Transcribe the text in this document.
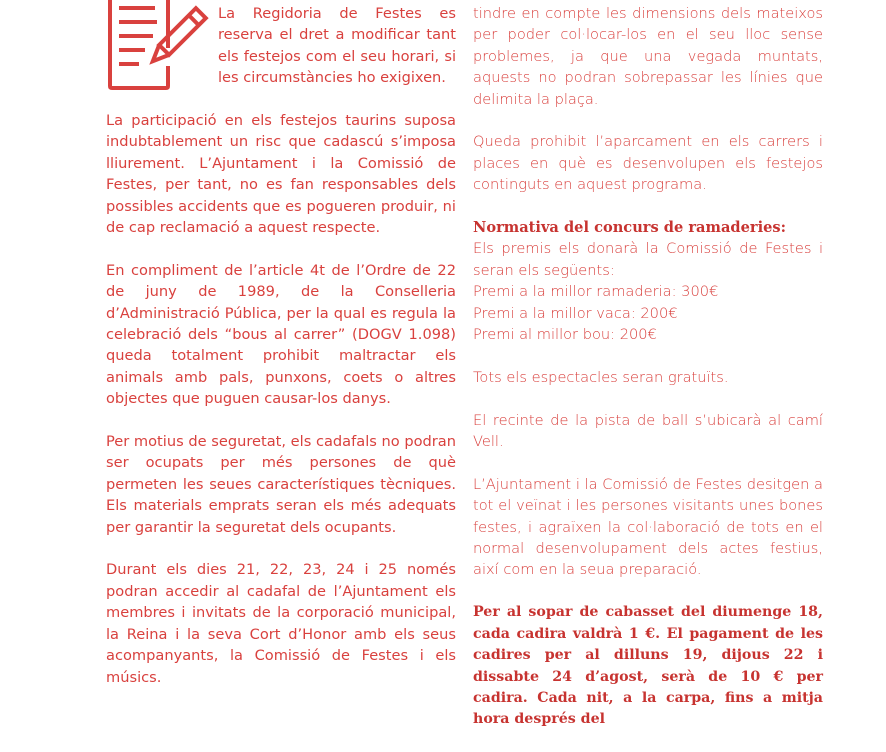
La Regidoria de Festes es reserva el dret a modificar tant els festejos com el seu horari, si les circumstàncies ho exigixen.

La participació en els festejos taurins suposa indubtablement un risc que cadascú s’imposa lliurement. L’Ajuntament i la Comissió de Festes, per tant, no es fan responsables dels possibles accidents que es pogueren produir, ni de cap reclamació a aquest respecte.

En compliment de l’article 4t de l’Ordre de 22 de juny de 1989, de la Conselleria d’Administració Pública, per la qual es regula la celebració dels “bous al carrer” (DOGV 1.098) queda totalment prohibit maltractar els animals amb pals, punxons, coets o altres objectes que puguen causar-los danys.

Per motius de seguretat, els cadafals no podran ser ocupats per més persones de què permeten les seues característiques tècniques. Els materials emprats seran els més adequats per garantir la seguretat dels ocupants.

Durant els dies 21, 22, 23, 24 i 25 només podran accedir al cadafal de l’Ajuntament els membres i invitats de la corporació municipal, la Reina i la seva Cort d’Honor amb els seus acompanyants, la Comissió de Festes i els músics.

tindre en compte les dimensions dels mateixos per poder col·locar-los en el seu lloc sense problemes, ja que una vegada muntats, aquests no podran sobrepassar les línies que delimita la plaça.

Queda prohibit l’aparcament en els carrers i places en què es desenvolupen els festejos continguts en aquest programa.

Normativa del concurs de ramaderies:
Els premis els donarà la Comissió de Festes i seran els següents:
Premi a la millor ramaderia: 300€
Premi a la millor vaca: 200€
Premi al millor bou: 200€

Tots els espectacles seran gratuïts.

El recinte de la pista de ball s’ubicarà al camí Vell.

L’Ajuntament i la Comissió de Festes desitgen a tot el veïnat i les persones visitants unes bones festes, i agraïxen la col·laboració de tots en el normal desenvolupament dels actes festius, així com en la seua preparació.

Per al sopar de cabasset del diumenge 18, cada cadira valdrà 1 €. El pagament de les cadires per al dilluns 19, dijous 22 i dissabte 24 d’agost, serà de 10 € per cadira. Cada nit, a la carpa, fins a mitja hora després del
